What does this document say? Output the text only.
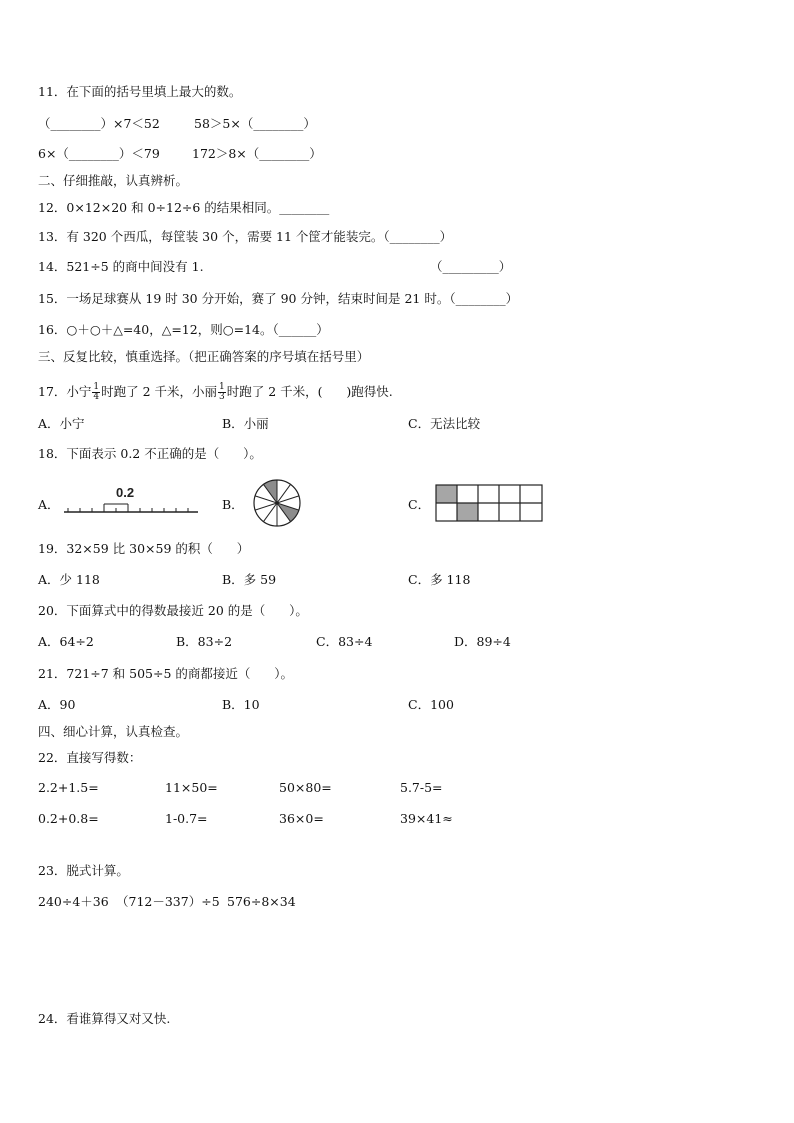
11．在下面的括号里填上最大的数。
（________）×7＜52	58＞5×（________）
6×（________）＜79	172＞8×（________）
二、仔细推敲，认真辨析。
12．0×12×20 和 0÷12÷6 的结果相同。________
13．有 320 个西瓜，每筐装 30 个，需要 11 个筐才能装完。（________）
14．521÷5 的商中间没有 1.	（_________）
15．一场足球赛从 19 时 30 分开始，赛了 90 分钟，结束时间是 21 时。（________）
16．○＋○＋△=40，△=12，则○=14。（______）
三、反复比较，慎重选择。（把正确答案的序号填在括号里）
17．小宁 $\frac{1}{4}$ 时跑了 2 千米，小丽 $\frac{1}{3}$ 时跑了 2 千米，(      )跑得快.
A．小宁	B．小丽	C．无法比较
18．下面表示 0.2 不正确的是（      ）。
A．	B．	C．
0.2
19．32×59 比 30×59 的积（      ）
A．少 118	B．多 59	C．多 118
20．下面算式中的得数最接近 20 的是（      ）。
A．64÷2	B．83÷2	C．83÷4	D．89÷4
21．721÷7 和 505÷5 的商都接近（      ）。
A．90	B．10	C．100
四、细心计算，认真检查。
22．直接写得数：
2.2+1.5=	11×50=	50×80=	5.7-5=
0.2+0.8=	1-0.7=	36×0=	39×41≈
23．脱式计算。
240÷4＋36 （712－337）÷5 576÷8×34
24．看谁算得又对又快.
